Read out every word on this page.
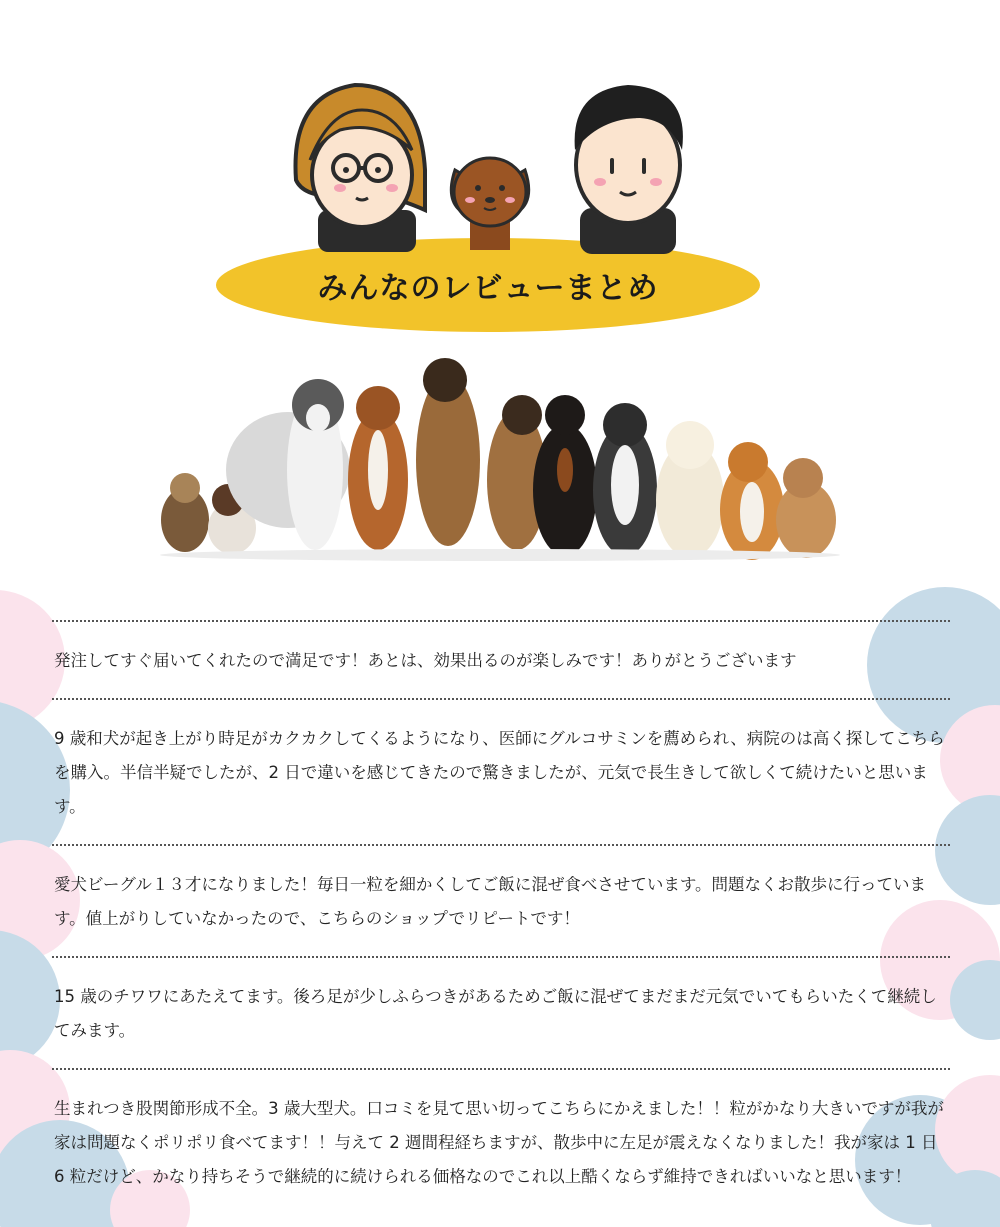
みんなのレビューまとめ
発注してすぐ届いてくれたので満足です！あとは、効果出るのが楽しみです！ありがとうございます
9 歳和犬が起き上がり時足がカクカクしてくるようになり、医師にグルコサミンを薦められ、病院のは高く探してこちらを購入。半信半疑でしたが、2 日で違いを感じてきたので驚きましたが、元気で長生きして欲しくて続けたいと思います。
愛犬ビーグル１３才になりました！毎日一粒を細かくしてご飯に混ぜ食べさせています。問題なくお散歩に行っています。値上がりしていなかったので、こちらのショップでリピートです！
15 歳のチワワにあたえてます。後ろ足が少しふらつきがあるためご飯に混ぜてまだまだ元気でいてもらいたくて継続してみます。
生まれつき股関節形成不全。3 歳大型犬。口コミを見て思い切ってこちらにかえました！！粒がかなり大きいですが我が家は問題なくポリポリ食べてます！！与えて 2 週間程経ちますが、散歩中に左足が震えなくなりました！我が家は 1 日 6 粒だけど、かなり持ちそうで継続的に続けられる価格なのでこれ以上酷くならず維持できればいいなと思います！
